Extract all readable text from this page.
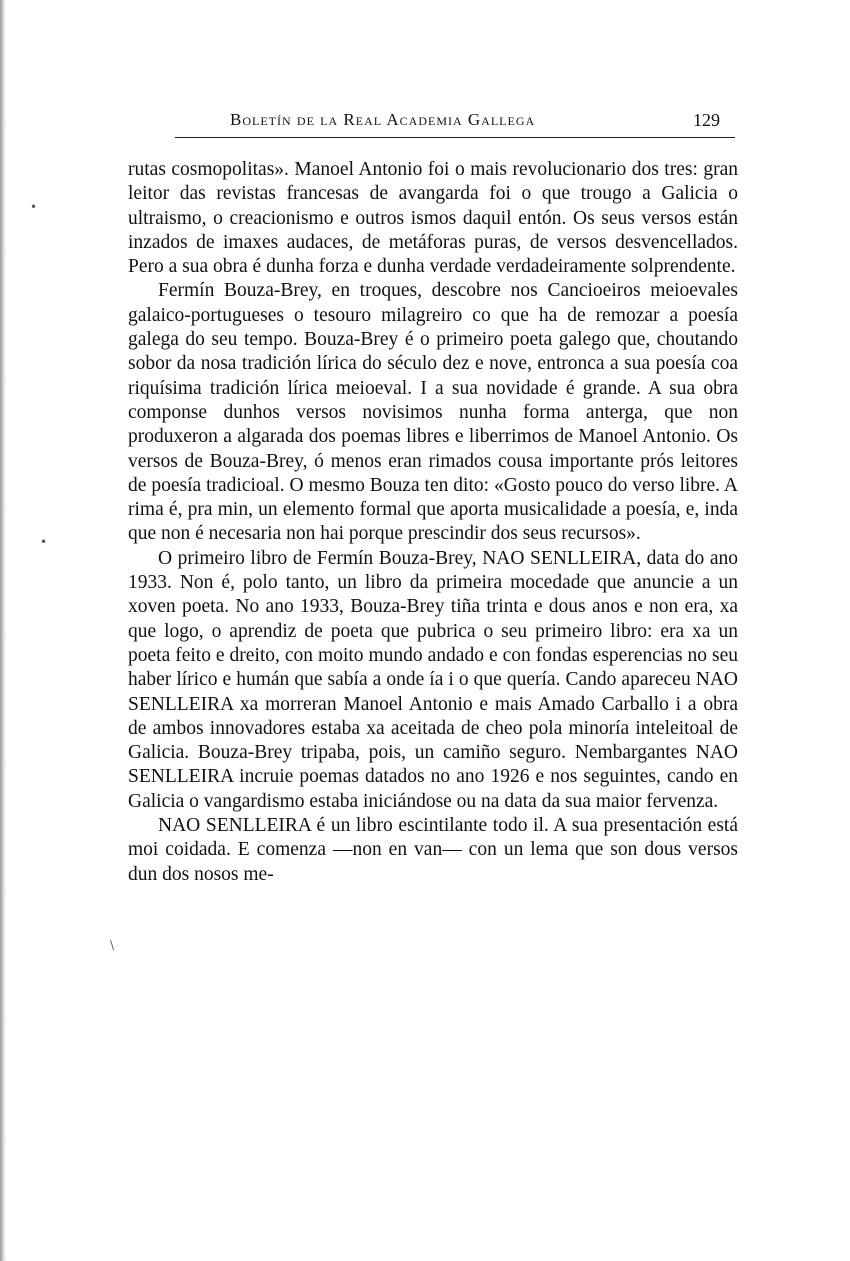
Boletín de la Real Academia Gallega	129

rutas cosmopolitas». Manoel Antonio foi o mais revolucionario dos tres: gran leitor das revistas francesas de avangarda foi o que trougo a Galicia o ultraismo, o creacionismo e outros ismos daquil entón. Os seus versos están inzados de imaxes audaces, de metáforas puras, de versos desvencellados. Pero a sua obra é dunha forza e dunha verdade verdadeiramente solprendente.

Fermín Bouza-Brey, en troques, descobre nos Cancioeiros meioevales galaico-portugueses o tesouro milagreiro co que ha de remozar a poesía galega do seu tempo. Bouza-Brey é o primeiro poeta galego que, choutando sobor da nosa tradición lírica do século dez e nove, entronca a sua poesía coa riquísima tradición lírica meioeval. I a sua novidade é grande. A sua obra componse dunhos versos novisimos nunha forma anterga, que non produxeron a algarada dos poemas libres e liberrimos de Manoel Antonio. Os versos de Bouza-Brey, ó menos eran rimados cousa importante prós leitores de poesía tradicioal. O mesmo Bouza ten dito: «Gosto pouco do verso libre. A rima é, pra min, un elemento formal que aporta musicalidade a poesía, e, inda que non é necesaria non hai porque prescindir dos seus recursos».

O primeiro libro de Fermín Bouza-Brey, NAO SENLLEIRA, data do ano 1933. Non é, polo tanto, un libro da primeira mocedade que anuncie a un xoven poeta. No ano 1933, Bouza-Brey tiña trinta e dous anos e non era, xa que logo, o aprendiz de poeta que pubrica o seu primeiro libro: era xa un poeta feito e dreito, con moito mundo andado e con fondas esperencias no seu haber lírico e humán que sabía a onde ía i o que quería. Cando apareceu NAO SENLLEIRA xa morreran Manoel Antonio e mais Amado Carballo i a obra de ambos innovadores estaba xa aceitada de cheo pola minoría inteleitoal de Galicia. Bouza-Brey tripaba, pois, un camiño seguro. Nembargantes NAO SENLLEIRA incruie poemas datados no ano 1926 e nos seguintes, cando en Galicia o vangardismo estaba iniciándose ou na data da sua maior fervenza.

NAO SENLLEIRA é un libro escintilante todo il. A sua presentación está moi coidada. E comenza —non en van— con un lema que son dous versos dun dos nosos me-

•
•
\
